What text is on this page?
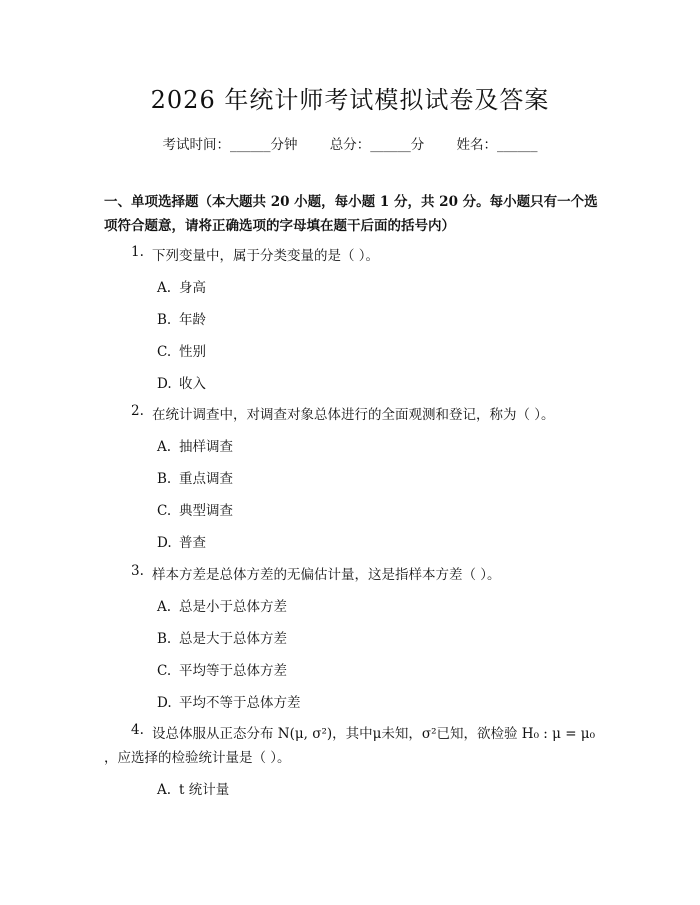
2026 年统计师考试模拟试卷及答案
考试时间：______分钟 总分：______分 姓名：______
一、单项选择题（本大题共 20 小题，每小题 1 分，共 20 分。每小题只有一个选项符合题意，请将正确选项的字母填在题干后面的括号内）
1. 下列变量中，属于分类变量的是（ ）。
A. 身高
B. 年龄
C. 性别
D. 收入
2. 在统计调查中，对调查对象总体进行的全面观测和登记，称为（ ）。
A. 抽样调查
B. 重点调查
C. 典型调查
D. 普查
3. 样本方差是总体方差的无偏估计量，这是指样本方差（ ）。
A. 总是小于总体方差
B. 总是大于总体方差
C. 平均等于总体方差
D. 平均不等于总体方差
4. 设总体服从正态分布 N(μ, σ²)，其中μ未知，σ²已知，欲检验 H₀ : μ = μ₀ ，应选择的检验统计量是（ ）。
A. t 统计量
